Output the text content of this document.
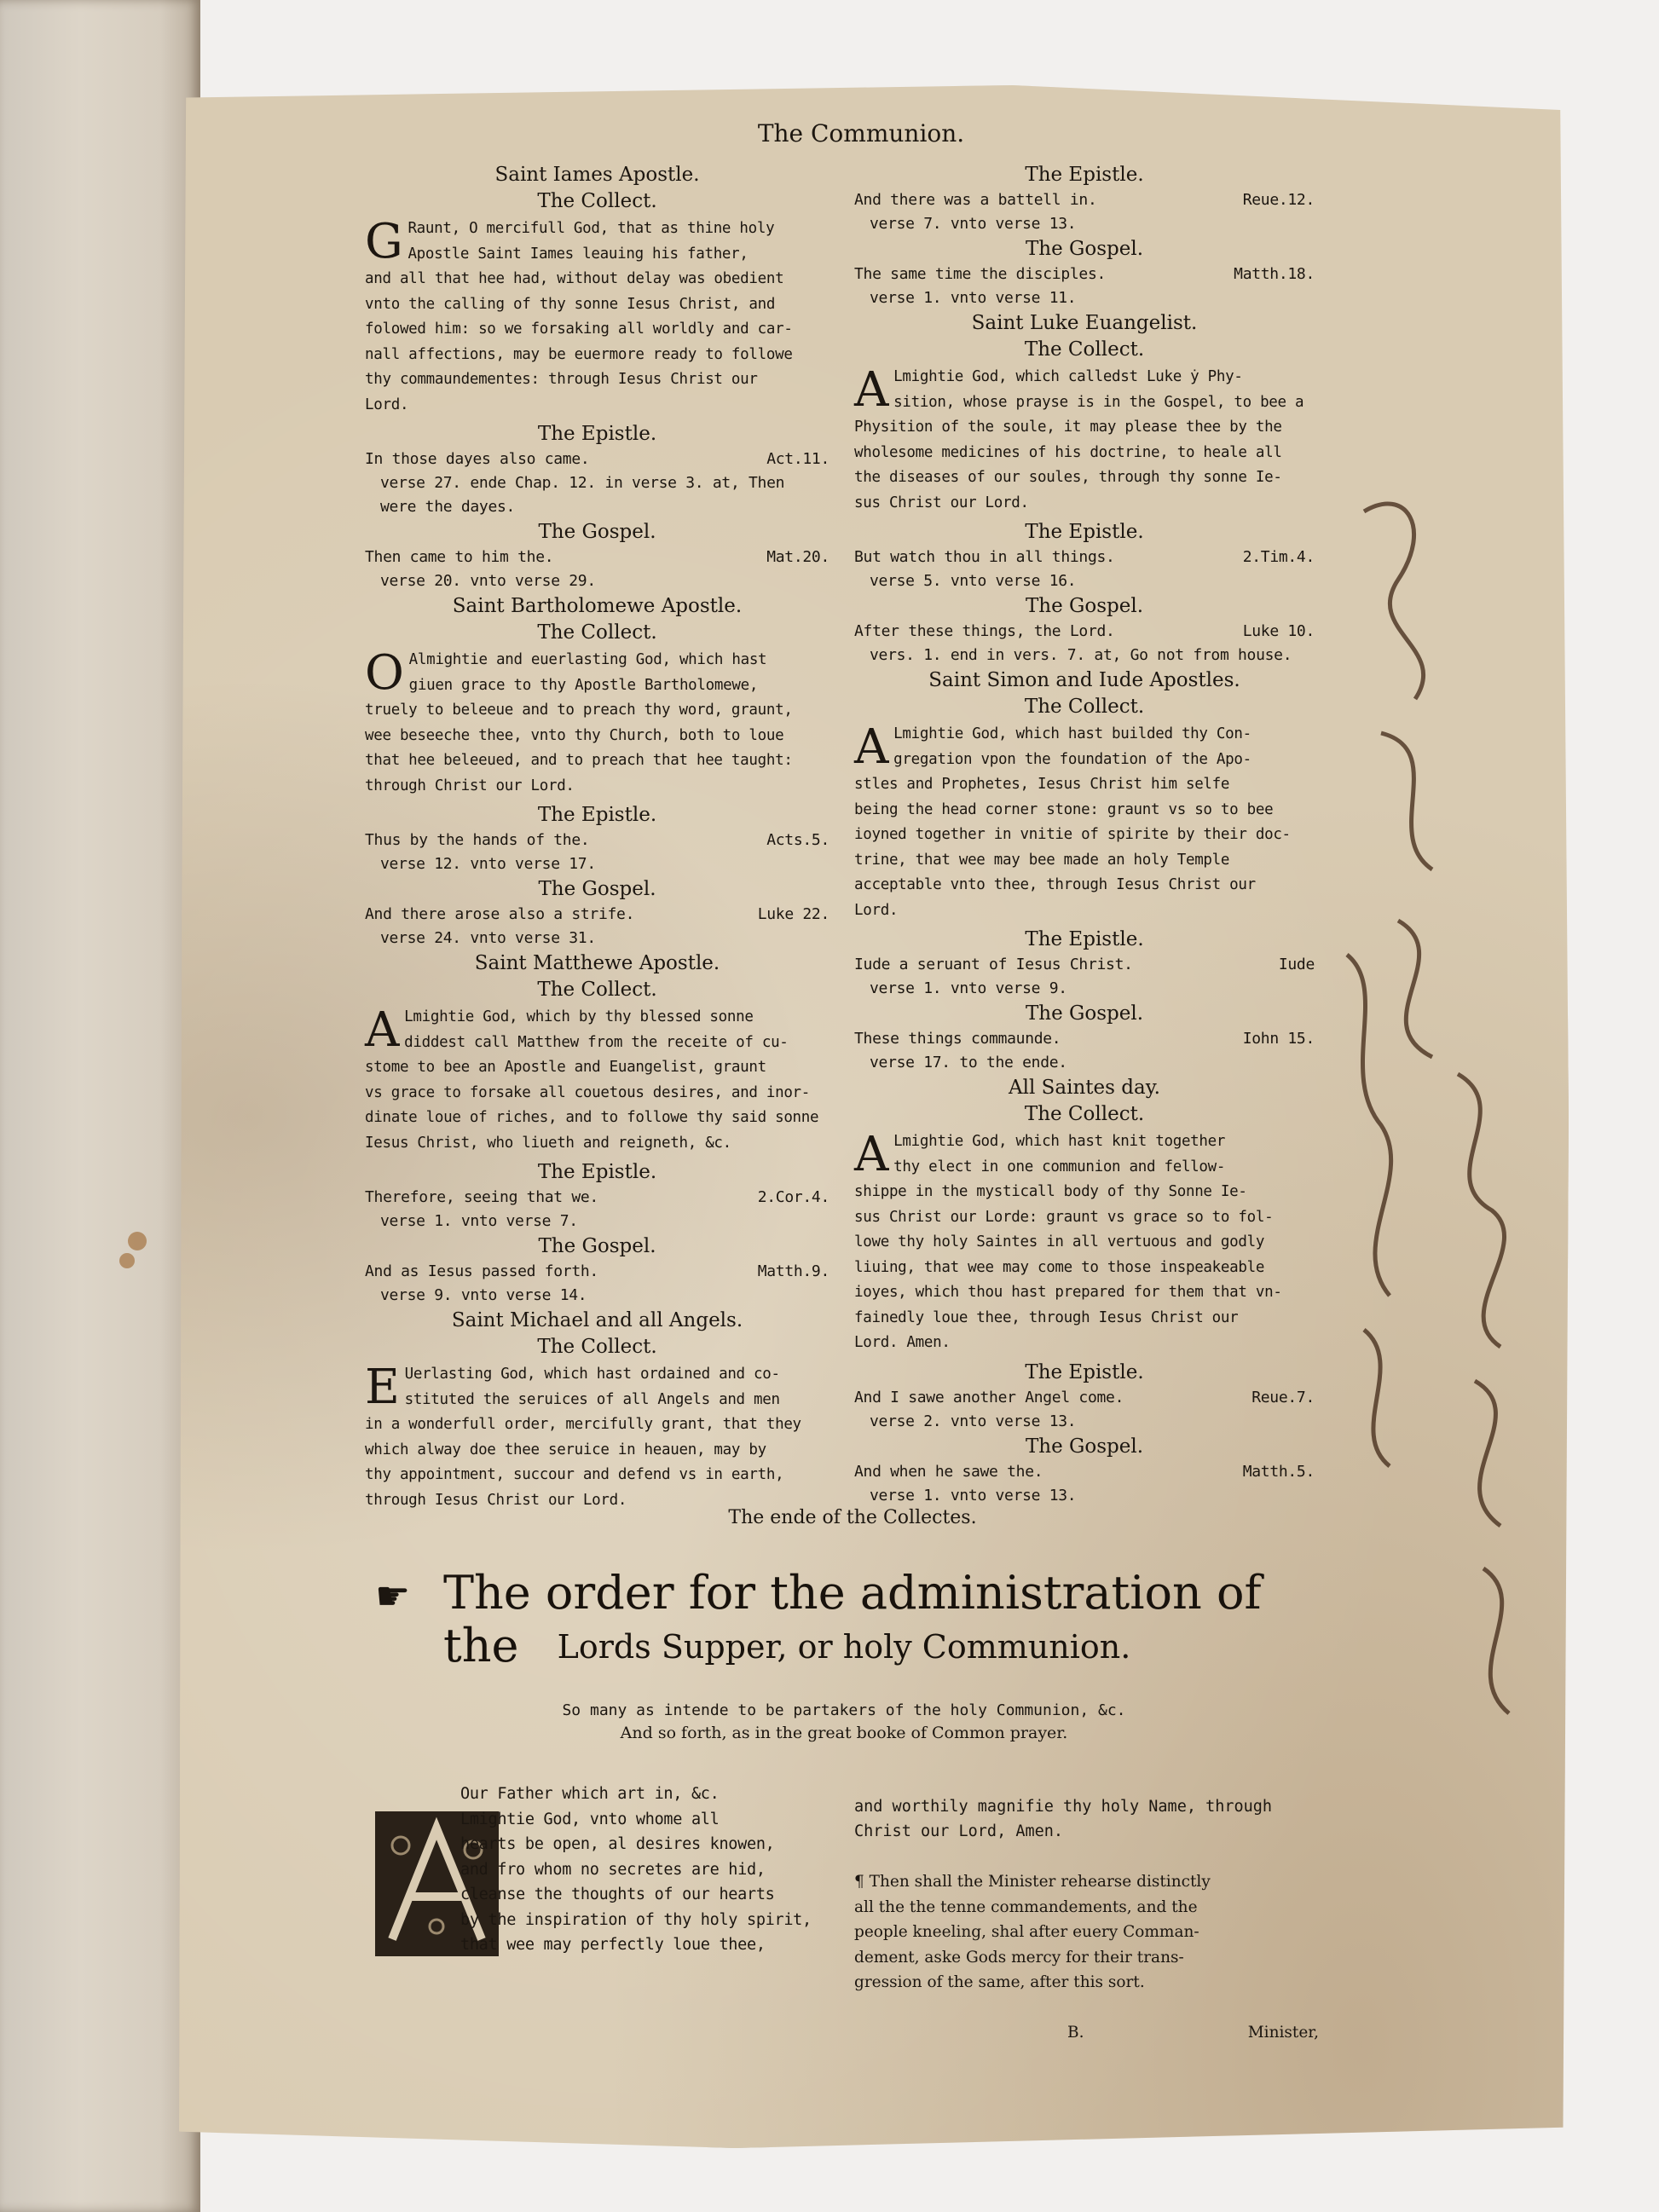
The Communion.
Saint Iames Apostle.
The Collect.
G Raunt, O mercifull God, that as thine holy
Apostle Saint Iames leauing his father,
and all that hee had, without delay was obedient
vnto the calling of thy sonne Iesus Christ, and
folowed him: so we forsaking all worldly and car-
nall affections, may be euermore ready to followe
thy commaundementes: through Iesus Christ our
Lord.
The Epistle.
In those dayes also came.	Act.11.
verse 27. ende Chap. 12. in verse 3. at, Then
were the dayes.
The Gospel.
Then came to him the.	Mat.20.
verse 20. vnto verse 29.
Saint Bartholomewe Apostle.
The Collect.
O Almightie and euerlasting God, which hast
giuen grace to thy Apostle Bartholomewe,
truely to beleeue and to preach thy word, graunt,
wee beseeche thee, vnto thy Church, both to loue
that hee beleeued, and to preach that hee taught:
through Christ our Lord.
The Epistle.
Thus by the hands of the.	Acts.5.
verse 12. vnto verse 17.
The Gospel.
And there arose also a strife.	Luke 22.
verse 24. vnto verse 31.
Saint Matthewe Apostle.
The Collect.
A Lmightie God, which by thy blessed sonne
diddest call Matthew from the receite of cu-
stome to bee an Apostle and Euangelist, graunt
vs grace to forsake all couetous desires, and inor-
dinate loue of riches, and to followe thy said sonne
Iesus Christ, who liueth and reigneth, &c.
The Epistle.
Therefore, seeing that we.	2.Cor.4.
verse 1. vnto verse 7.
The Gospel.
And as Iesus passed forth.	Matth.9.
verse 9. vnto verse 14.
Saint Michael and all Angels.
The Collect.
E Uerlasting God, which hast ordained and co-
stituted the seruices of all Angels and men
in a wonderfull order, mercifully grant, that they
which alway doe thee seruice in heauen, may by
thy appointment, succour and defend vs in earth,
through Iesus Christ our Lord.
The Epistle.
And there was a battell in.	Reue.12.
verse 7. vnto verse 13.
The Gospel.
The same time the disciples.	Matth.18.
verse 1. vnto verse 11.
Saint Luke Euangelist.
The Collect.
A Lmightie God, which calledst Luke ẏ Phy-
sition, whose prayse is in the Gospel, to bee a
Physition of the soule, it may please thee by the
wholesome medicines of his doctrine, to heale all
the diseases of our soules, through thy sonne Ie-
sus Christ our Lord.
The Epistle.
But watch thou in all things.	2.Tim.4.
verse 5. vnto verse 16.
The Gospel.
After these things, the Lord.	Luke 10.
vers. 1. end in vers. 7. at, Go not from house.
Saint Simon and Iude Apostles.
The Collect.
A Lmightie God, which hast builded thy Con-
gregation vpon the foundation of the Apo-
stles and Prophetes, Iesus Christ him selfe
being the head corner stone: graunt vs so to bee
ioyned together in vnitie of spirite by their doc-
trine, that wee may bee made an holy Temple
acceptable vnto thee, through Iesus Christ our
Lord.
The Epistle.
Iude a seruant of Iesus Christ.	Iude
verse 1. vnto verse 9.
The Gospel.
These things commaunde.	Iohn 15.
verse 17. to the ende.
All Saintes day.
The Collect.
A Lmightie God, which hast knit together
thy elect in one communion and fellow-
shippe in the mysticall body of thy Sonne Ie-
sus Christ our Lorde: graunt vs grace so to fol-
lowe thy holy Saintes in all vertuous and godly
liuing, that wee may come to those inspeakeable
ioyes, which thou hast prepared for them that vn-
fainedly loue thee, through Iesus Christ our
Lord. Amen.
The Epistle.
And I sawe another Angel come.	Reue.7.
verse 2. vnto verse 13.
The Gospel.
And when he sawe the.	Matth.5.
verse 1. vnto verse 13.
The ende of the Collectes.
☛ The order for the administration of the	Lords Supper, or holy Communion.
So many as intende to be partakers of the holy Communion, &c.
And so forth, as in the great booke of Common prayer.
Our Father which art in, &c.
Lmightie God, vnto whome all
hearts be open, al desires knowen,
and fro whom no secretes are hid,
cleanse the thoughts of our hearts
by the inspiration of thy holy spirit,
that wee may perfectly loue thee,

and worthily magnifie thy holy Name, through
Christ our Lord, Amen.

¶ Then shall the Minister rehearse distinctly
all the the tenne commandements, and the
people kneeling, shal after euery Comman-
dement, aske Gods mercy for their trans-
gression of the same, after this sort.

B.	Minister,
